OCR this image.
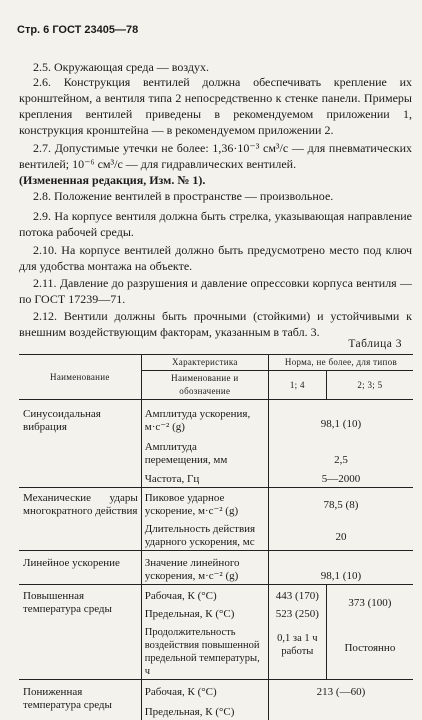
Стр. 6 ГОСТ 23405—78
2.5. Окружающая среда — воздух.
2.6. Конструкция вентилей должна обеспечивать крепление их кронштейном, а вентиля типа 2 непосредственно к стенке панели. Примеры крепления вентилей приведены в рекомендуемом приложении 1, конструкция кронштейна — в рекомендуемом приложении 2.
2.7. Допустимые утечки не более: 1,36·10⁻³ см³/с — для пневматических вентилей; 10⁻⁶ см³/с — для гидравлических вентилей.
(Измененная редакция, Изм. № 1).
2.8. Положение вентилей в пространстве — произвольное.
2.9. На корпусе вентиля должна быть стрелка, указывающая направление потока рабочей среды.
2.10. На корпусе вентилей должно быть предусмотрено место под ключ для удобства монтажа на объекте.
2.11. Давление до разрушения и давление опрессовки корпуса вентиля — по ГОСТ 17239—71.
2.12. Вентили должны быть прочными (стойкими) и устойчивыми к внешним воздействующим факторам, указанным в табл. 3.
Таблица 3
Наименование	Характеристика	Норма, не более, для типов	
	Наименование и обозначение	1; 4	2; 3; 5
Синусоидальная вибрация	Амплитуда ускорения, м·с⁻² (g)	98,1 (10)	
	Амплитуда перемещения, мм	2,5	
	Частота, Гц	5—2000	
Механические удары многократного действия	Пиковое ударное ускорение, м·с⁻² (g)	78,5 (8)	
	Длительность действия ударного ускорения, мс	20	
Линейное ускорение	Значение линейного ускорения, м·с⁻² (g)	98,1 (10)	
Повышенная температура среды	Рабочая, К (°С)	443 (170)	373 (100)
	Предельная, К (°С)	523 (250)	
	Продолжительность воздействия повышенной предельной температуры, ч	0,1 за 1 ч работы	Постоянно
Пониженная температура среды	Рабочая, К (°С)	213 (—60)	
	Предельная, К (°С)		
